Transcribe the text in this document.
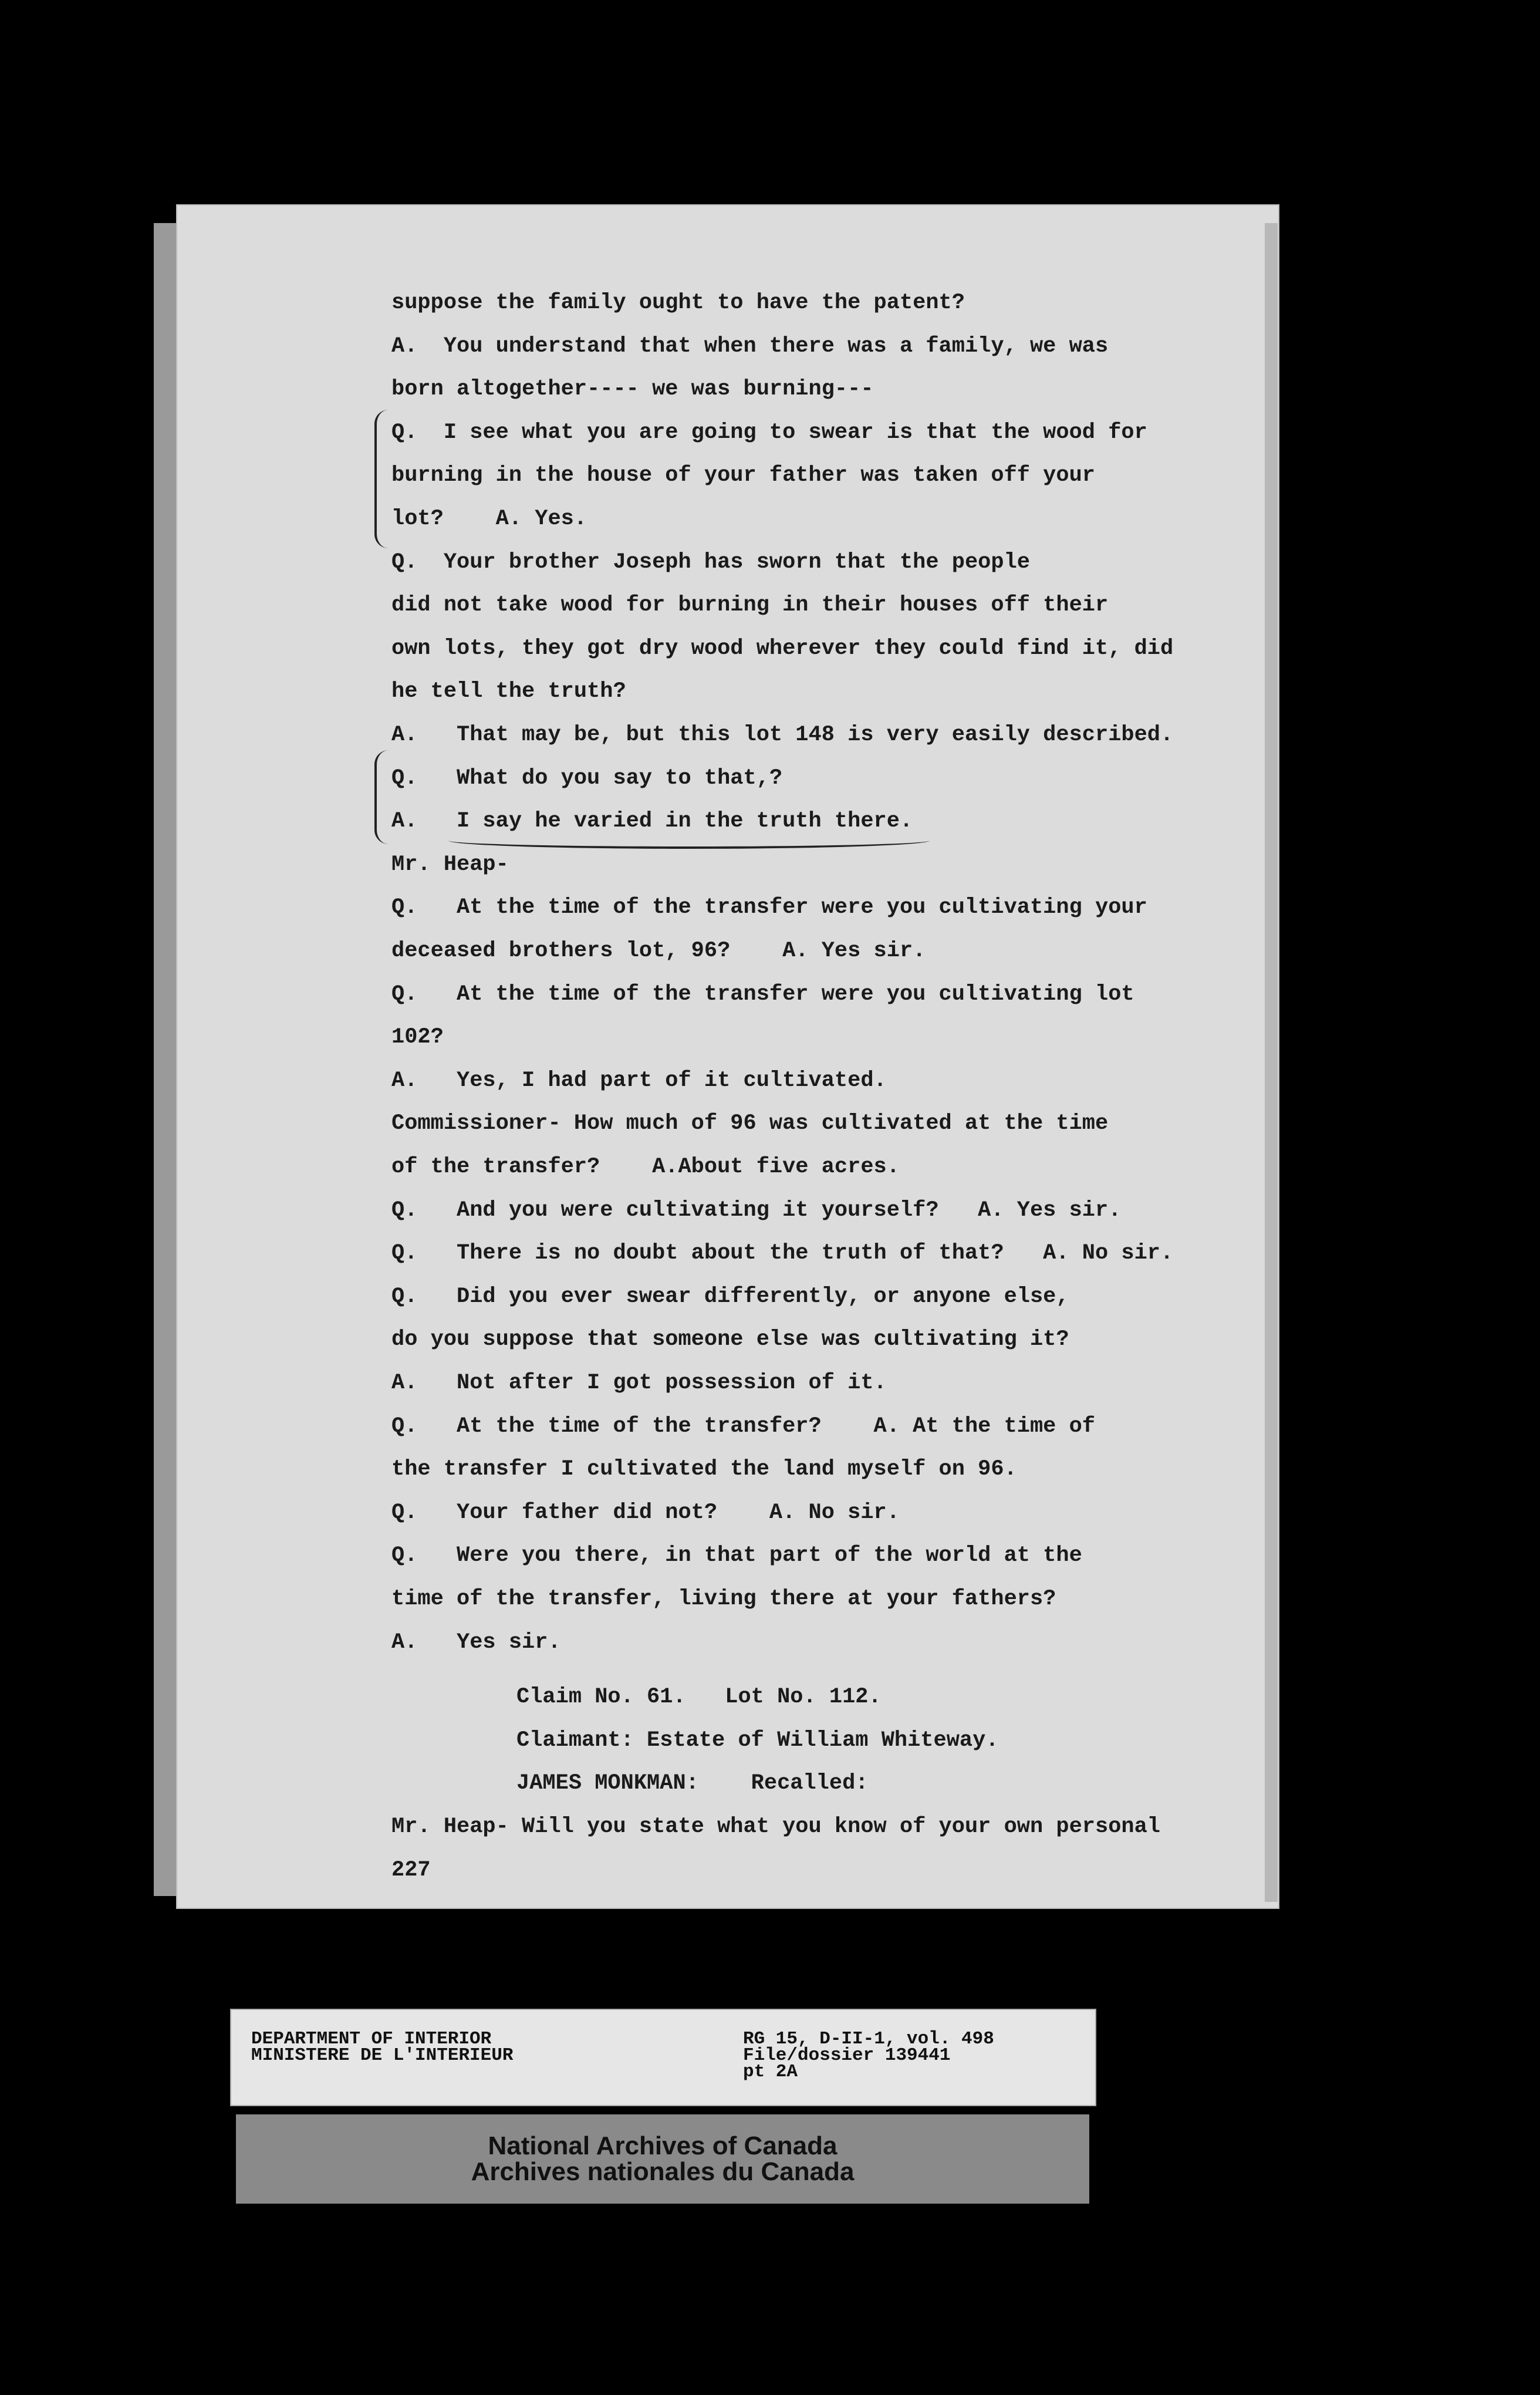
suppose the family ought to have the patent?
A.  You understand that when there was a family, we was
born altogether---- we was burning---
Q.  I see what you are going to swear is that the wood for
burning in the house of your father was taken off your
lot?    A. Yes.
Q.  Your brother Joseph has sworn that the people
did not take wood for burning in their houses off their
own lots, they got dry wood wherever they could find it, did
he tell the truth?
A.   That may be, but this lot 148 is very easily described.
Q.   What do you say to that,?
A.   I say he varied in the truth there.
Mr. Heap-
Q.   At the time of the transfer were you cultivating your
deceased brothers lot, 96?    A. Yes sir.
Q.   At the time of the transfer were you cultivating lot
102?
A.   Yes, I had part of it cultivated.
Commissioner- How much of 96 was cultivated at the time
of the transfer?    A.About five acres.
Q.   And you were cultivating it yourself?   A. Yes sir.
Q.   There is no doubt about the truth of that?   A. No sir.
Q.   Did you ever swear differently, or anyone else,
do you suppose that someone else was cultivating it?
A.   Not after I got possession of it.
Q.   At the time of the transfer?    A. At the time of
the transfer I cultivated the land myself on 96.
Q.   Your father did not?    A. No sir.
Q.   Were you there, in that part of the world at the
time of the transfer, living there at your fathers?
A.   Yes sir.
Claim No. 61.   Lot No. 112.
Claimant: Estate of William Whiteway.
JAMES MONKMAN:    Recalled:
Mr. Heap- Will you state what you know of your own personal
227
DEPARTMENT OF INTERIOR
MINISTERE DE L'INTERIEUR
RG 15, D-II-1, vol. 498
File/dossier 139441
pt 2A
National Archives of Canada
Archives nationales du Canada
